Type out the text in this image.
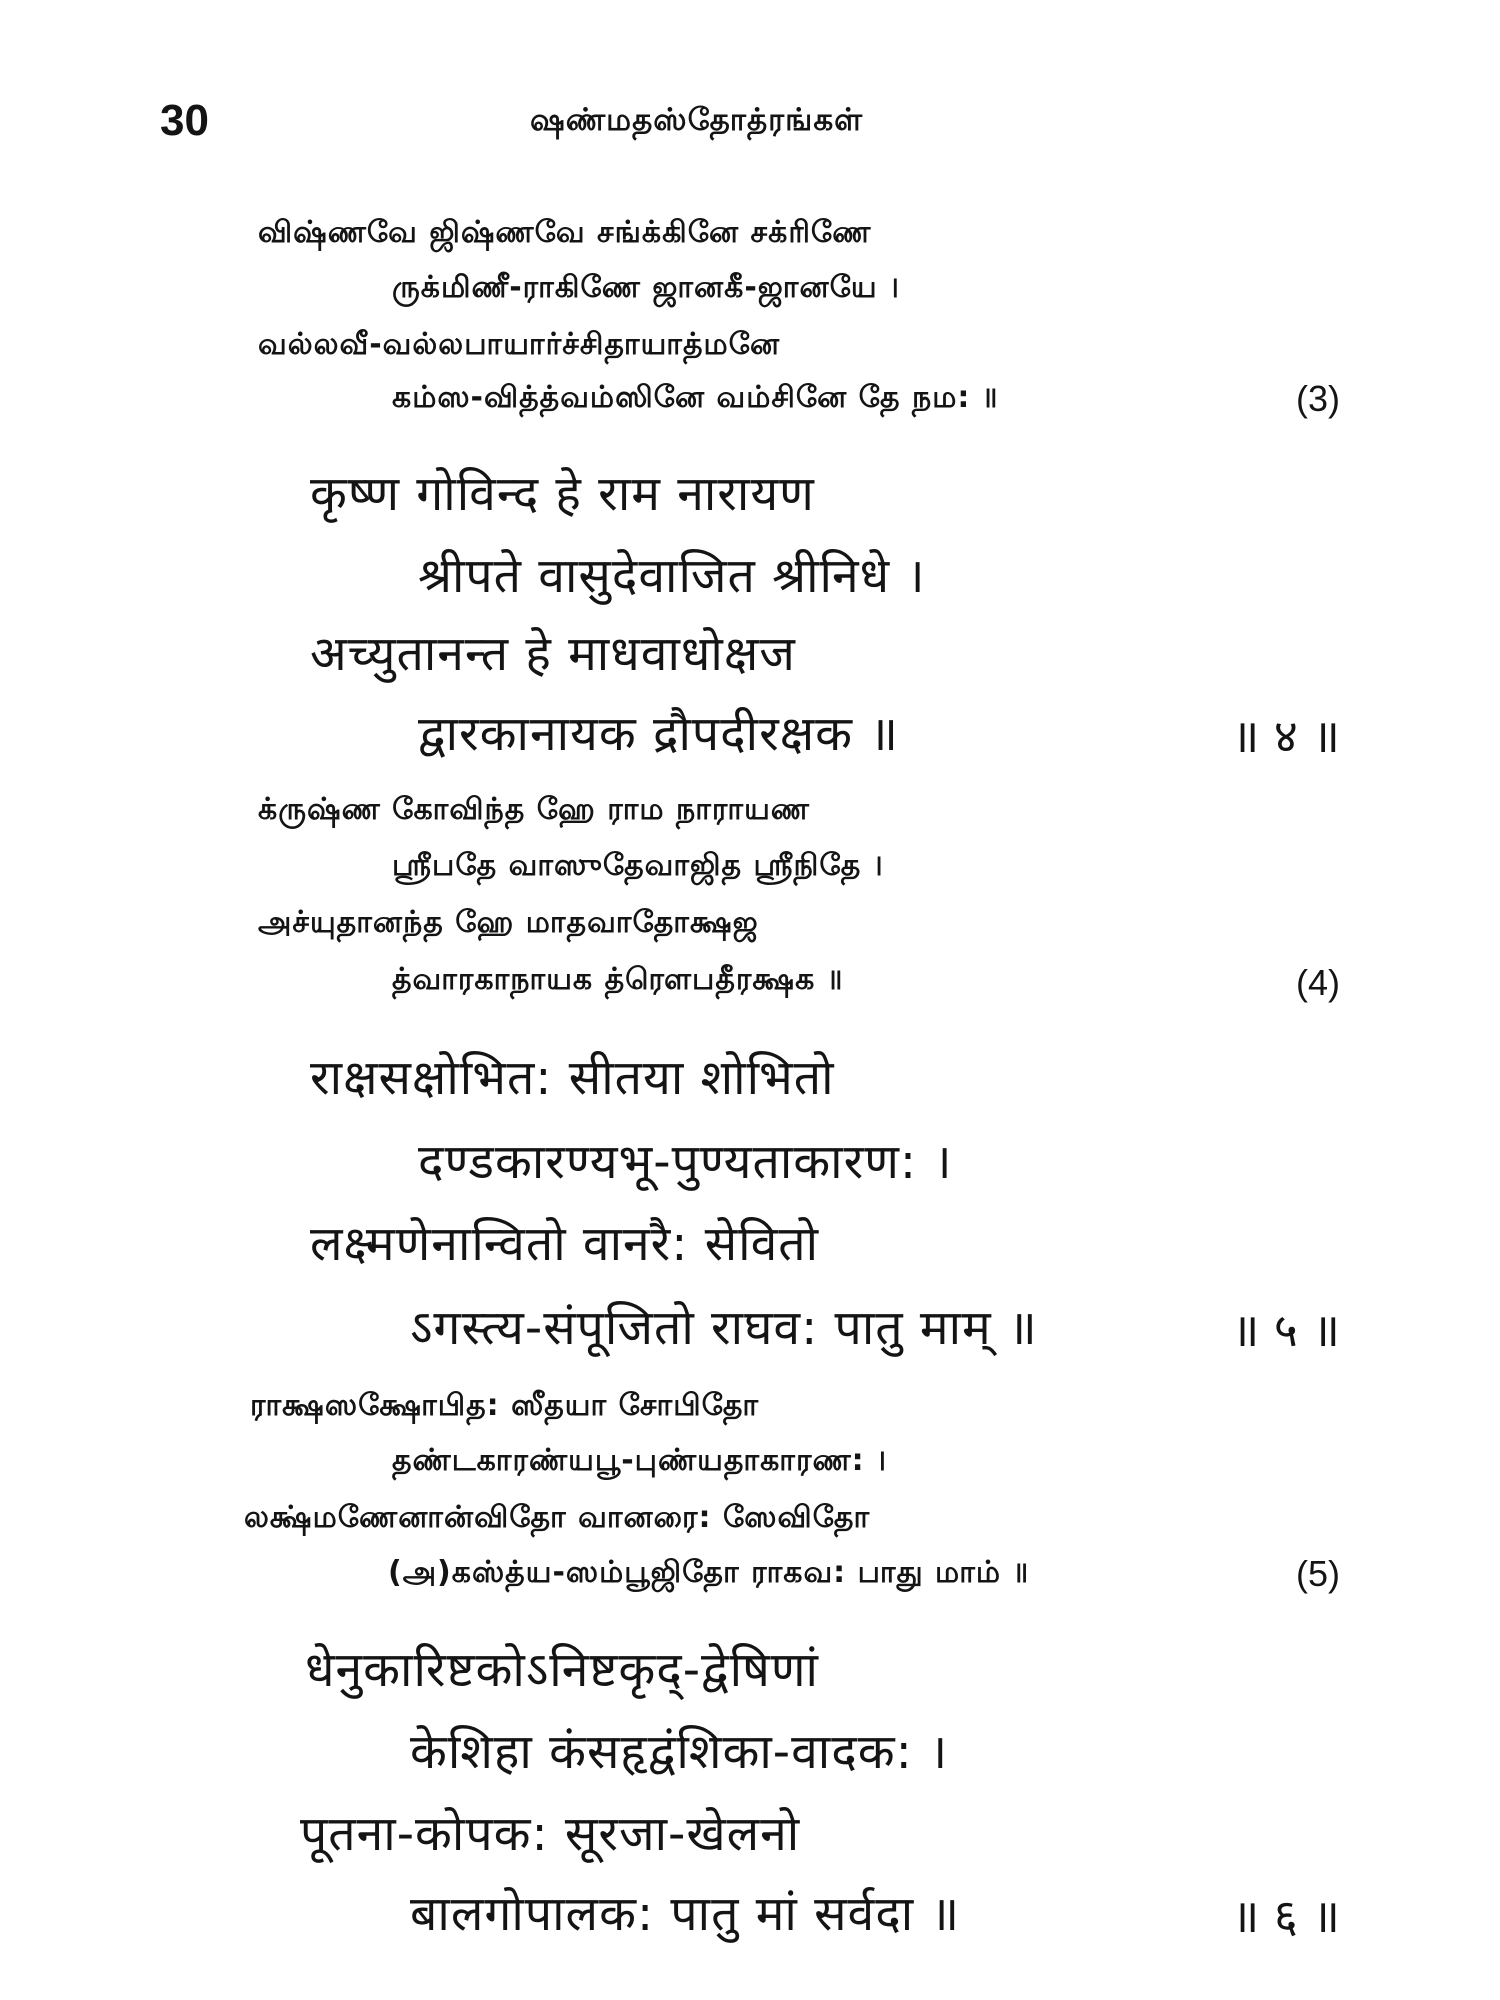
30	ஷண்மதஸ்தோத்ரங்கள்
விஷ்ணவே ஜிஷ்ணவே சங்க்கினே சக்ரிணே
ருக்மிணீ-ராகிணே ஜானகீ-ஜானயே ।
வல்லவீ-வல்லபாயார்ச்சிதாயாத்மனே
கம்ஸ-வித்த்வம்ஸினே வம்சினே தே நம: ॥	(3)
कृष्ण गोविन्द हे राम नारायण
श्रीपते वासुदेवाजित श्रीनिधे ।
अच्युतानन्त हे माधवाधोक्षज
द्वारकानायक द्रौपदीरक्षक ॥	॥ ४ ॥
க்ருஷ்ண கோவிந்த ஹே ராம நாராயண
ஸ்ரீபதே வாஸுதேவாஜித ஸ்ரீநிதே ।
அச்யுதானந்த ஹே மாதவாதோக்ஷஜ
த்வாரகாநாயக த்ரௌபதீரக்ஷக ॥	(4)
राक्षसक्षोभित: सीतया शोभितो
दण्डकारण्यभू-पुण्यताकारण: ।
लक्ष्मणेनान्वितो वानरै: सेवितो
ऽगस्त्य-संपूजितो राघव: पातु माम् ॥	॥ ५ ॥
ராக்ஷஸக்ஷோபித: ஸீதயா சோபிதோ
தண்டகாரண்யபூ-புண்யதாகாரண: ।
லக்ஷ்மணேனான்விதோ வானரை: ஸேவிதோ
(அ)கஸ்த்ய-ஸம்பூஜிதோ ராகவ: பாது மாம் ॥	(5)
धेनुकारिष्टकोऽनिष्टकृद्-द्वेषिणां
केशिहा कंसहृद्वंशिका-वादक: ।
पूतना-कोपक: सूरजा-खेलनो
बालगोपालक: पातु मां सर्वदा ॥	॥ ६ ॥
